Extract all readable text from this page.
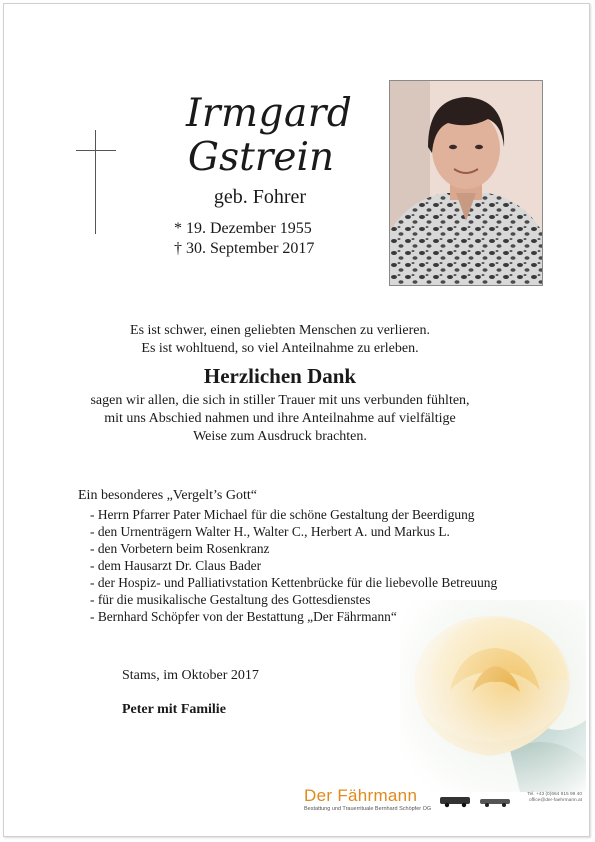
Irmgard
Gstrein
geb. Fohrer
* 19. Dezember 1955
† 30. September 2017
Es ist schwer, einen geliebten Menschen zu verlieren.
Es ist wohltuend, so viel Anteilnahme zu erleben.
Herzlichen Dank
sagen wir allen, die sich in stiller Trauer mit uns verbunden fühlten,
mit uns Abschied nahmen und ihre Anteilnahme auf vielfältige
Weise zum Ausdruck brachten.
Ein besonderes „Vergelt’s Gott“
- Herrn Pfarrer Pater Michael für die schöne Gestaltung der Beerdigung
- den Urnenträgern Walter H., Walter C., Herbert A. und Markus L.
- den Vorbetern beim Rosenkranz
- dem Hausarzt Dr. Claus Bader
- der Hospiz- und Palliativstation Kettenbrücke für die liebevolle Betreuung
- für die musikalische Gestaltung des Gottesdienstes
- Bernhard Schöpfer von der Bestattung „Der Fährmann“
Stams, im Oktober 2017
Peter mit Familie
Der Fährmann
Bestattung und Trauerrituale Bernhard Schöpfer OG
Tel. +43 (0)664 915 99 40
office@der-faehrmann.at
